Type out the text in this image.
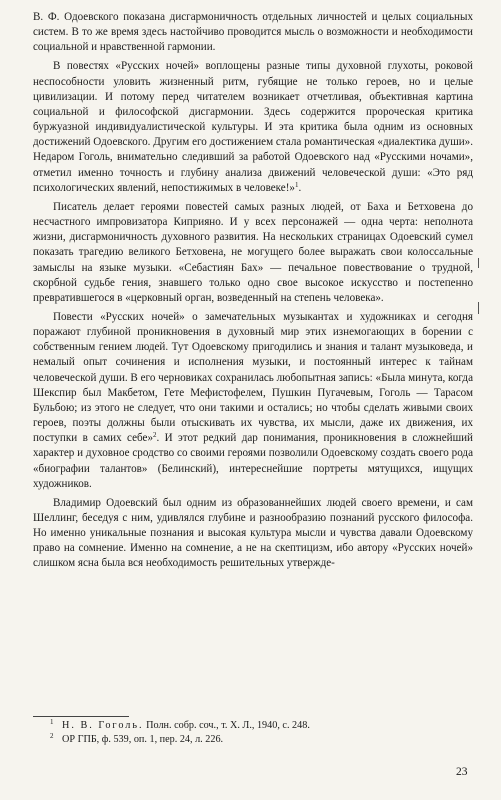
В. Ф. Одоевского показана дисгармоничность отдельных личностей и целых социальных систем. В то же время здесь настойчиво проводится мысль о возможности и необходимости социальной и нравственной гармонии.

В повестях «Русских ночей» воплощены разные типы духовной глухоты, роковой неспособности уловить жизненный ритм, губящие не только героев, но и целые цивилизации. И потому перед читателем возникает отчетливая, объективная картина социальной и философской дисгармонии. Здесь содержится пророческая критика буржуазной индивидуалистической культуры. И эта критика была одним из основных достижений Одоевского. Другим его достижением стала романтическая «диалектика души». Недаром Гоголь, внимательно следивший за работой Одоевского над «Русскими ночами», отметил именно точность и глубину анализа движений человеческой души: «Это ряд психологических явлений, непостижимых в человеке!»$^1$.

Писатель делает героями повестей самых разных людей, от Баха и Бетховена до несчастного импровизатора Киприяно. И у всех персонажей — одна черта: неполнота жизни, дисгармоничность духовного развития. На нескольких страницах Одоевский сумел показать трагедию великого Бетховена, не могущего более выражать свои колоссальные замыслы на языке музыки. «Себастиян Бах» — печальное повествование о трудной, скорбной судьбе гения, знавшего только одно свое высокое искусство и постепенно превратившегося в «церковный орган, возведенный на степень человека».

Повести «Русских ночей» о замечательных музыкантах и художниках и сегодня поражают глубиной проникновения в духовный мир этих изнемогающих в борении с собственным гением людей. Тут Одоевскому пригодились и знания и талант музыковеда, и немалый опыт сочинения и исполнения музыки, и постоянный интерес к тайнам человеческой души. В его черновиках сохранилась любопытная запись: «Была минута, когда Шекспир был Макбетом, Гете Мефистофелем, Пушкин Пугачевым, Гоголь — Тарасом Бульбою; из этого не следует, что они такими и остались; но чтобы сделать живыми своих героев, поэты должны были отыскивать их чувства, их мысли, даже их движения, их поступки в самих себе»$^2$. И этот редкий дар понимания, проникновения в сложнейший характер и духовное сродство со своими героями позволили Одоевскому создать своего рода «биографии талантов» (Белинский), интереснейшие портреты мятущихся, ищущих художников.

Владимир Одоевский был одним из образованнейших людей своего времени, и сам Шеллинг, беседуя с ним, удивлялся глубине и разнообразию познаний русского философа. Но именно уникальные познания и высокая культура мысли и чувства давали Одоевскому право на сомнение. Именно на сомнение, а не на скептицизм, ибо автору «Русских ночей» слишком ясна была вся необходимость решительных утвержде-

1 Н. В. Гоголь. Полн. собр. соч., т. X. Л., 1940, с. 248.

2 ОР ГПБ, ф. 539, оп. 1, пер. 24, л. 226.

23
